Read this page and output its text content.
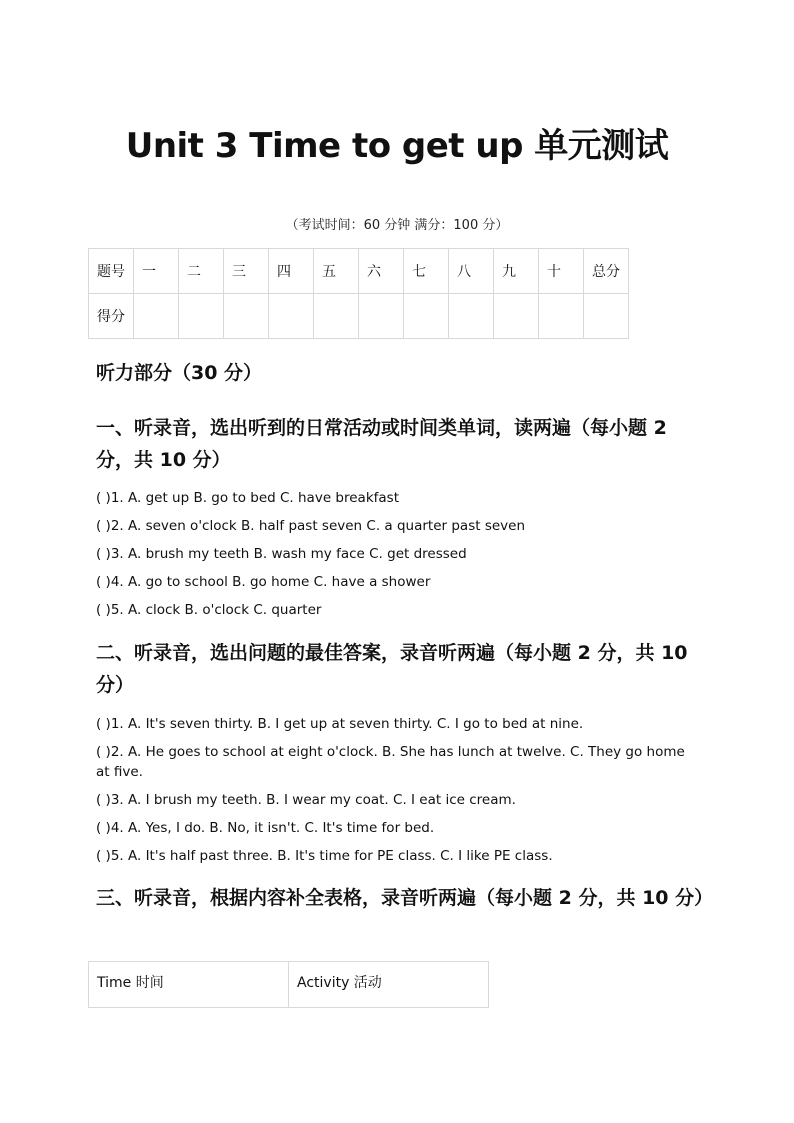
Unit 3 Time to get up 单元测试
（考试时间：60 分钟 满分：100 分）
题号	一	二	三	四	五	六	七	八	九	十	总分
得分											
听力部分（30 分）
一、听录音，选出听到的日常活动或时间类单词，读两遍（每小题 2 分，共 10 分）
( )1. A. get up B. go to bed C. have breakfast
( )2. A. seven o'clock B. half past seven C. a quarter past seven
( )3. A. brush my teeth B. wash my face C. get dressed
( )4. A. go to school B. go home C. have a shower
( )5. A. clock B. o'clock C. quarter
二、听录音，选出问题的最佳答案，录音听两遍（每小题 2 分，共 10 分）
( )1. A. It's seven thirty. B. I get up at seven thirty. C. I go to bed at nine.
( )2. A. He goes to school at eight o'clock. B. She has lunch at twelve. C. They go home at five.
( )3. A. I brush my teeth. B. I wear my coat. C. I eat ice cream.
( )4. A. Yes, I do. B. No, it isn't. C. It's time for bed.
( )5. A. It's half past three. B. It's time for PE class. C. I like PE class.
三、听录音，根据内容补全表格，录音听两遍（每小题 2 分，共 10 分）
Time 时间	Activity 活动
